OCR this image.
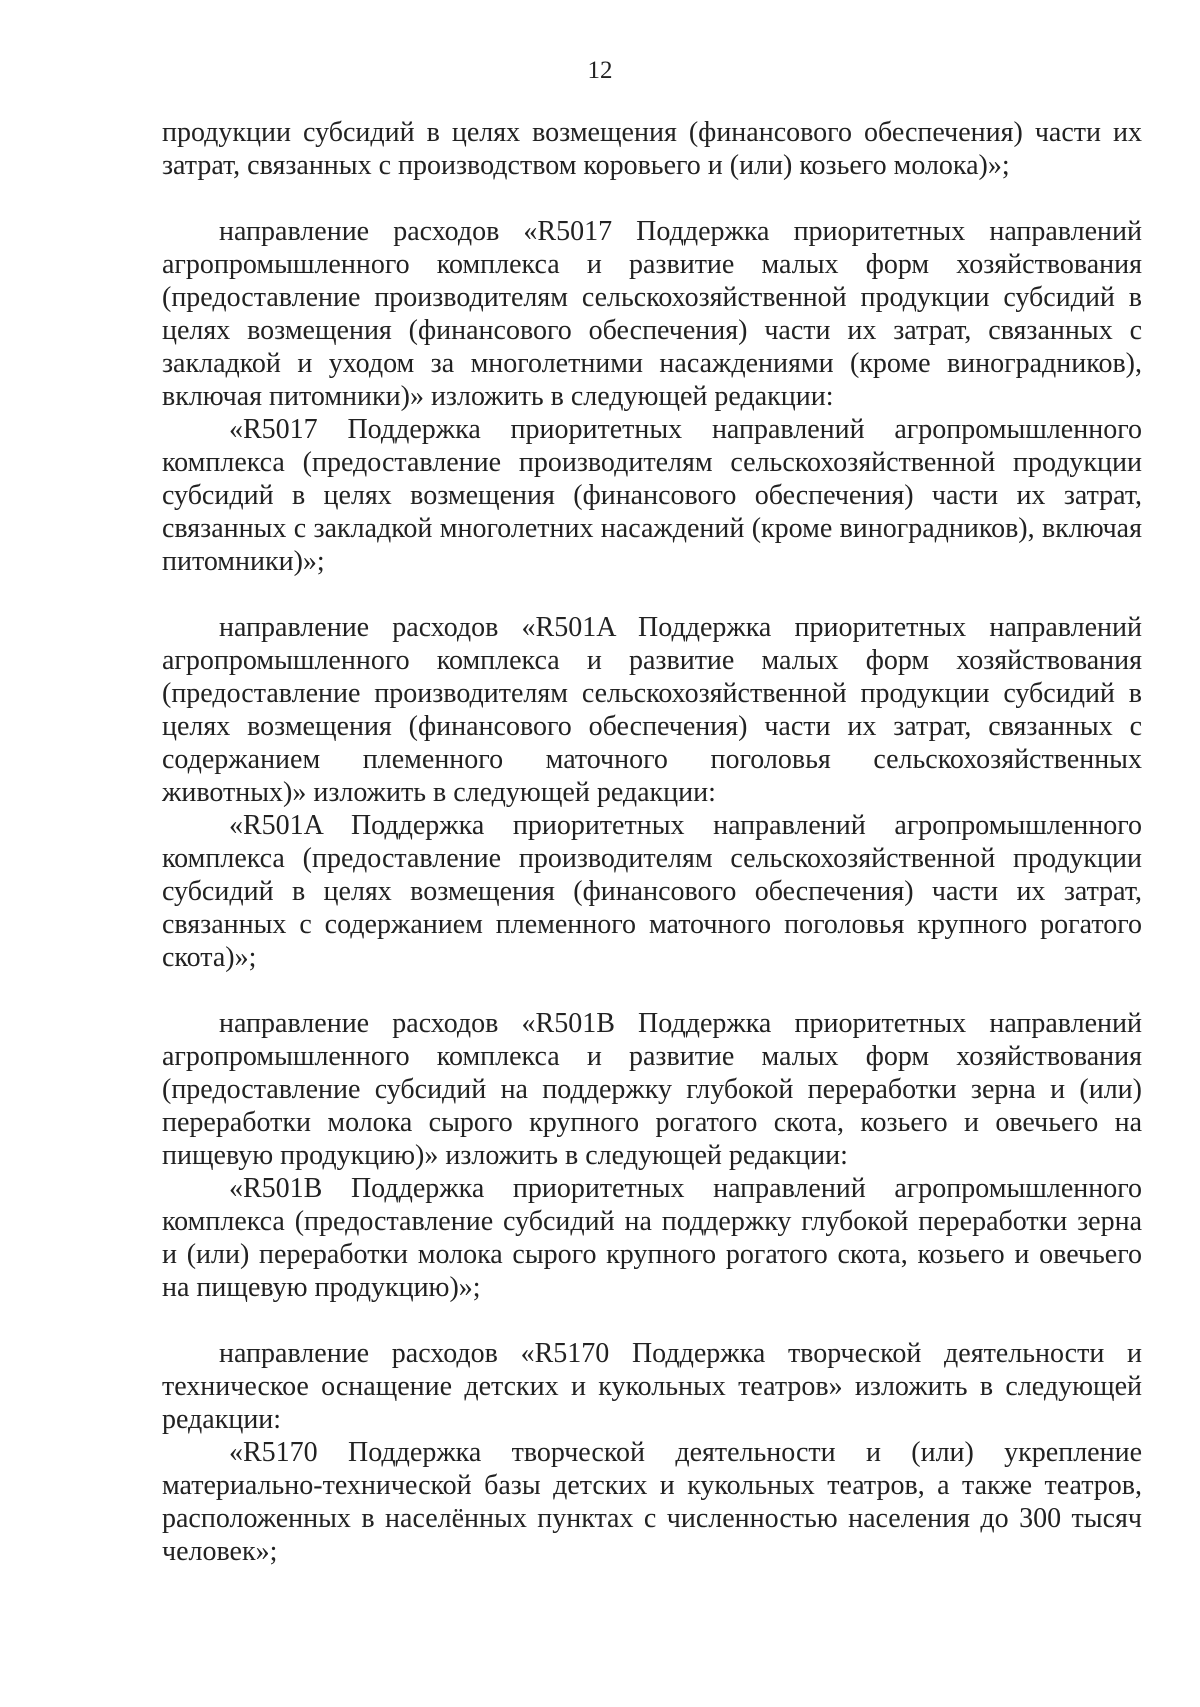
12

продукции субсидий в целях возмещения (финансового обеспечения) части их затрат, связанных с производством коровьего и (или) козьего молока)»;

направление расходов «R5017 Поддержка приоритетных направлений агропромышленного комплекса и развитие малых форм хозяйствования (предоставление производителям сельскохозяйственной продукции субсидий в целях возмещения (финансового обеспечения) части их затрат, связанных с закладкой и уходом за многолетними насаждениями (кроме виноградников), включая питомники)» изложить в следующей редакции:

«R5017 Поддержка приоритетных направлений агропромышленного комплекса (предоставление производителям сельскохозяйственной продукции субсидий в целях возмещения (финансового обеспечения) части их затрат, связанных с закладкой многолетних насаждений (кроме виноградников), включая питомники)»;

направление расходов «R501A Поддержка приоритетных направлений агропромышленного комплекса и развитие малых форм хозяйствования (предоставление производителям сельскохозяйственной продукции субсидий в целях возмещения (финансового обеспечения) части их затрат, связанных с содержанием племенного маточного поголовья сельскохозяйственных животных)» изложить в следующей редакции:

«R501A Поддержка приоритетных направлений агропромышленного комплекса (предоставление производителям сельскохозяйственной продукции субсидий в целях возмещения (финансового обеспечения) части их затрат, связанных с содержанием племенного маточного поголовья крупного рогатого скота)»;

направление расходов «R501B Поддержка приоритетных направлений агропромышленного комплекса и развитие малых форм хозяйствования (предоставление субсидий на поддержку глубокой переработки зерна и (или) переработки молока сырого крупного рогатого скота, козьего и овечьего на пищевую продукцию)» изложить в следующей редакции:

«R501B Поддержка приоритетных направлений агропромышленного комплекса (предоставление субсидий на поддержку глубокой переработки зерна и (или) переработки молока сырого крупного рогатого скота, козьего и овечьего на пищевую продукцию)»;

направление расходов «R5170 Поддержка творческой деятельности и техническое оснащение детских и кукольных театров» изложить в следующей редакции:

«R5170 Поддержка творческой деятельности и (или) укрепление материально-технической базы детских и кукольных театров, а также театров, расположенных в населённых пунктах с численностью населения до 300 тысяч человек»;
